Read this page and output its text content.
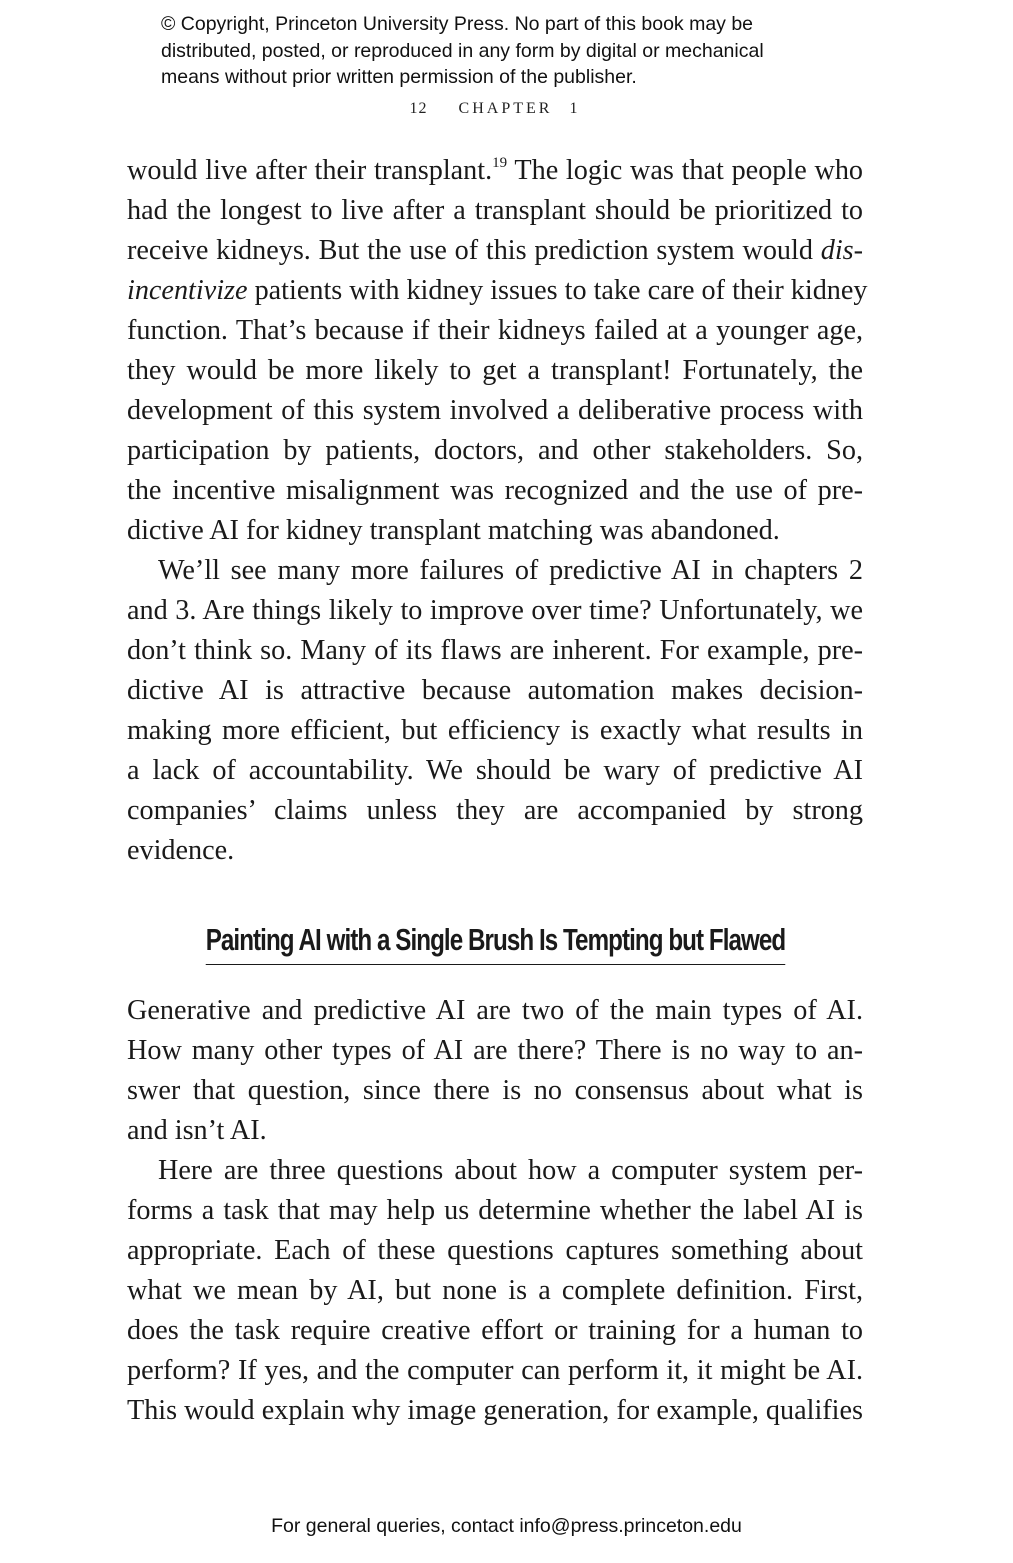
© Copyright, Princeton University Press. No part of this book may be
distributed, posted, or reproduced in any form by digital or mechanical
means without prior written permission of the publisher.
12 CHAPTER 1
would live after their transplant.$^{19}$ The logic was that people who
had the longest to live after a transplant should be prioritized to
receive kidneys. But the use of this prediction system would dis-
incentivize patients with kidney issues to take care of their kidney
function. That’s because if their kidneys failed at a younger age,
they would be more likely to get a transplant! Fortunately, the
development of this system involved a deliberative process with
participation by patients, doctors, and other stakeholders. So,
the incentive misalignment was recognized and the use of pre-
dictive AI for kidney transplant matching was abandoned.
We’ll see many more failures of predictive AI in chapters 2
and 3. Are things likely to improve over time? Unfortunately, we
don’t think so. Many of its flaws are inherent. For example, pre-
dictive AI is attractive because automation makes decision-
making more efficient, but efficiency is exactly what results in
a lack of accountability. We should be wary of predictive AI
companies’ claims unless they are accompanied by strong
evidence.
Painting AI with a Single Brush Is Tempting but Flawed
Generative and predictive AI are two of the main types of AI.
How many other types of AI are there? There is no way to an-
swer that question, since there is no consensus about what is
and isn’t AI.
Here are three questions about how a computer system per-
forms a task that may help us determine whether the label AI is
appropriate. Each of these questions captures something about
what we mean by AI, but none is a complete definition. First,
does the task require creative effort or training for a human to
perform? If yes, and the computer can perform it, it might be AI.
This would explain why image generation, for example, qualifies
For general queries, contact info@press.princeton.edu
